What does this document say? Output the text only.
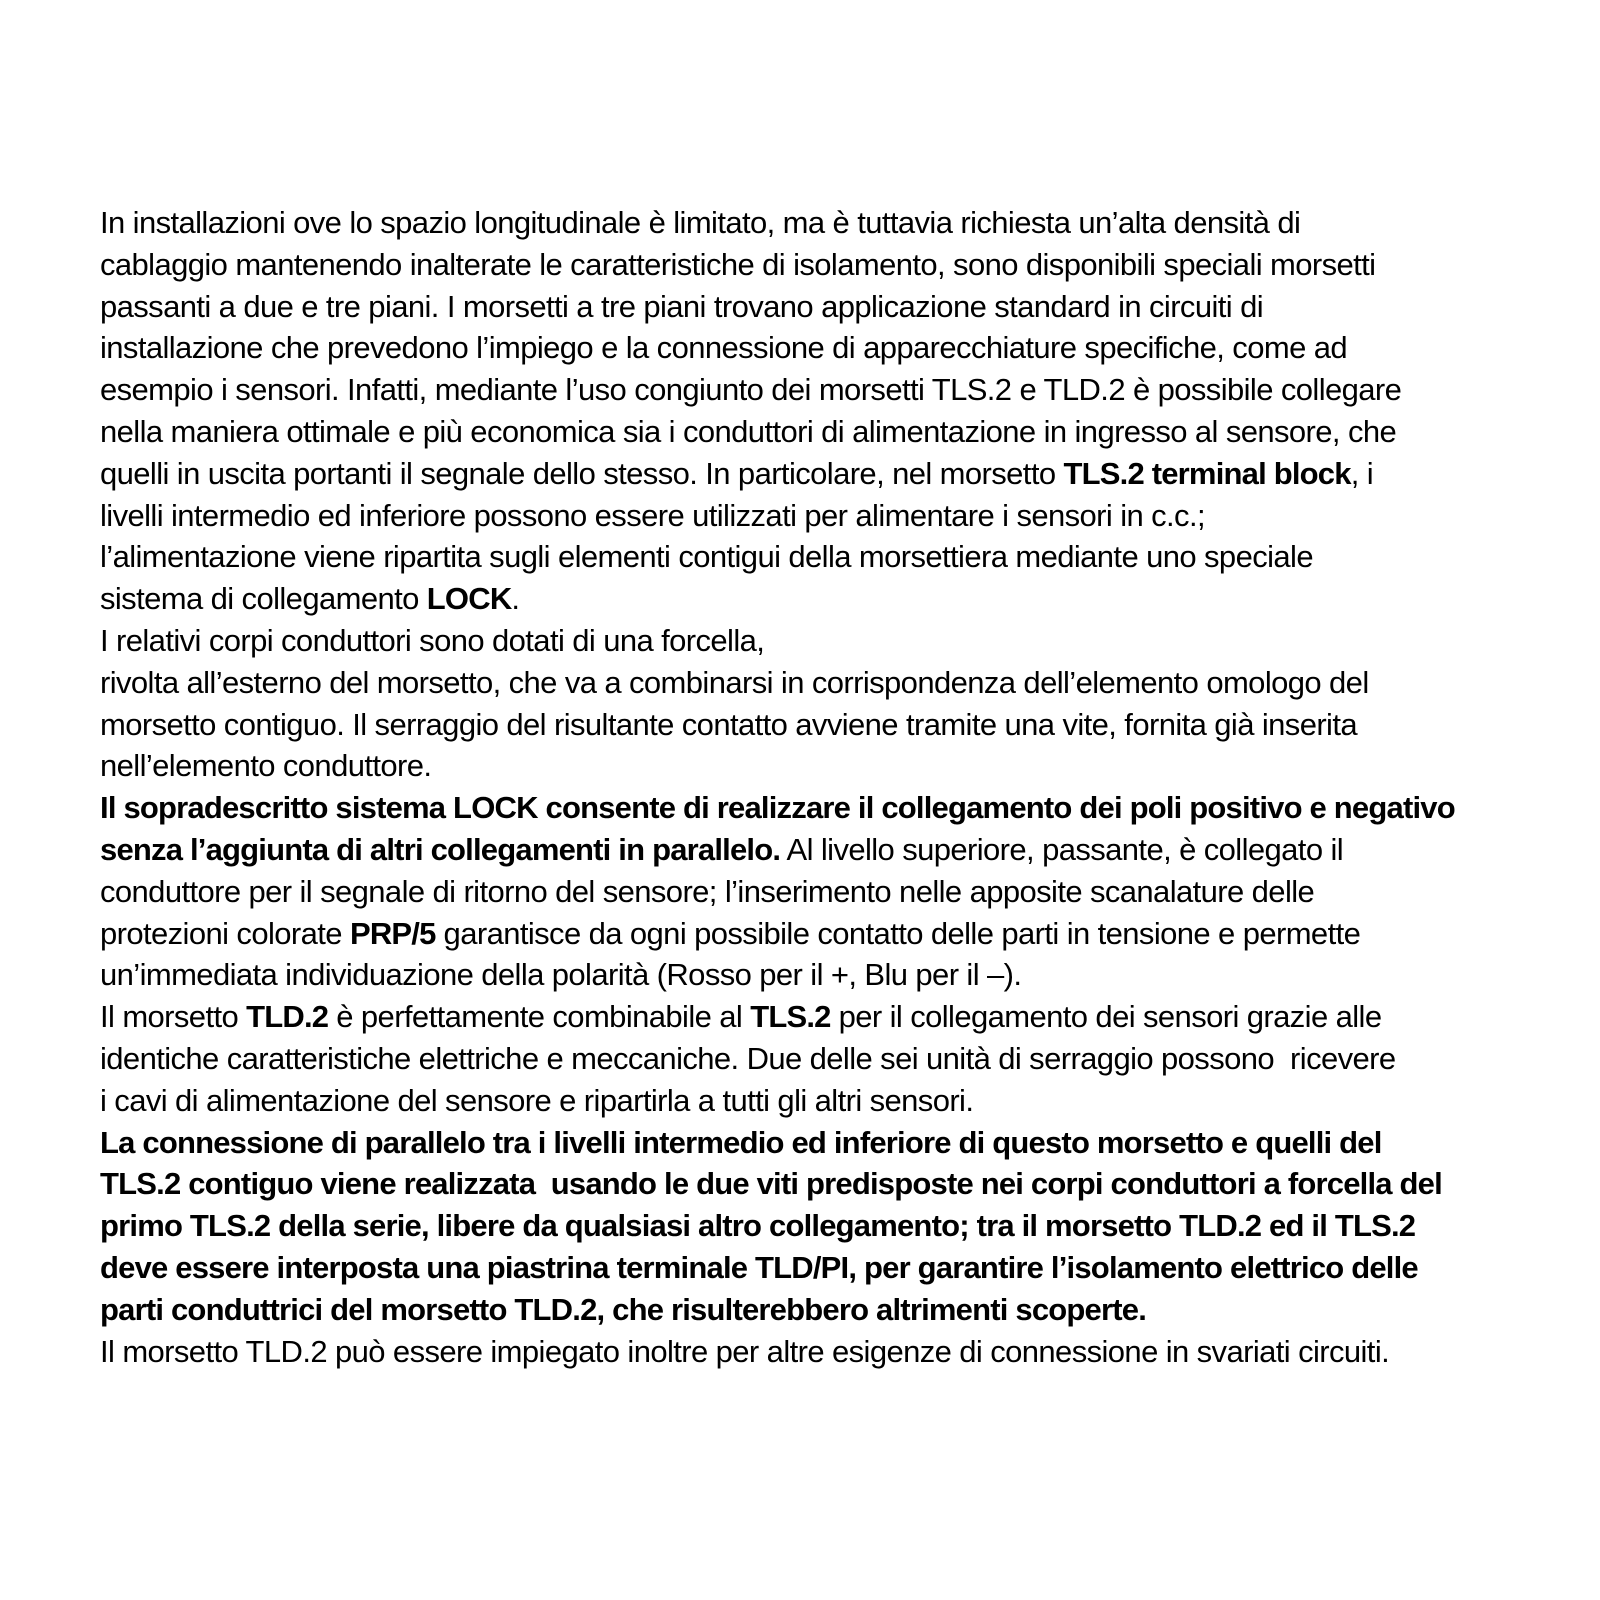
In installazioni ove lo spazio longitudinale è limitato, ma è tuttavia richiesta un’alta densità di
cablaggio mantenendo inalterate le caratteristiche di isolamento, sono disponibili speciali morsetti
passanti a due e tre piani. I morsetti a tre piani trovano applicazione standard in circuiti di
installazione che prevedono l’impiego e la connessione di apparecchiature specifiche, come ad
esempio i sensori. Infatti, mediante l’uso congiunto dei morsetti TLS.2 e TLD.2 è possibile collegare
nella maniera ottimale e più economica sia i conduttori di alimentazione in ingresso al sensore, che
quelli in uscita portanti il segnale dello stesso. In particolare, nel morsetto TLS.2 terminal block, i
livelli intermedio ed inferiore possono essere utilizzati per alimentare i sensori in c.c.;
l’alimentazione viene ripartita sugli elementi contigui della morsettiera mediante uno speciale
sistema di collegamento LOCK.
I relativi corpi conduttori sono dotati di una forcella,
rivolta all’esterno del morsetto, che va a combinarsi in corrispondenza dell’elemento omologo del
morsetto contiguo. Il serraggio del risultante contatto avviene tramite una vite, fornita già inserita
nell’elemento conduttore.
Il sopradescritto sistema LOCK consente di realizzare il collegamento dei poli positivo e negativo
senza l’aggiunta di altri collegamenti in parallelo. Al livello superiore, passante, è collegato il
conduttore per il segnale di ritorno del sensore; l’inserimento nelle apposite scanalature delle
protezioni colorate PRP/5 garantisce da ogni possibile contatto delle parti in tensione e permette
un’immediata individuazione della polarità (Rosso per il +, Blu per il –).
Il morsetto TLD.2 è perfettamente combinabile al TLS.2 per il collegamento dei sensori grazie alle
identiche caratteristiche elettriche e meccaniche. Due delle sei unità di serraggio possono  ricevere
i cavi di alimentazione del sensore e ripartirla a tutti gli altri sensori.
La connessione di parallelo tra i livelli intermedio ed inferiore di questo morsetto e quelli del
TLS.2 contiguo viene realizzata  usando le due viti predisposte nei corpi conduttori a forcella del
primo TLS.2 della serie, libere da qualsiasi altro collegamento; tra il morsetto TLD.2 ed il TLS.2
deve essere interposta una piastrina terminale TLD/PI, per garantire l’isolamento elettrico delle
parti conduttrici del morsetto TLD.2, che risulterebbero altrimenti scoperte.
Il morsetto TLD.2 può essere impiegato inoltre per altre esigenze di connessione in svariati circuiti.
